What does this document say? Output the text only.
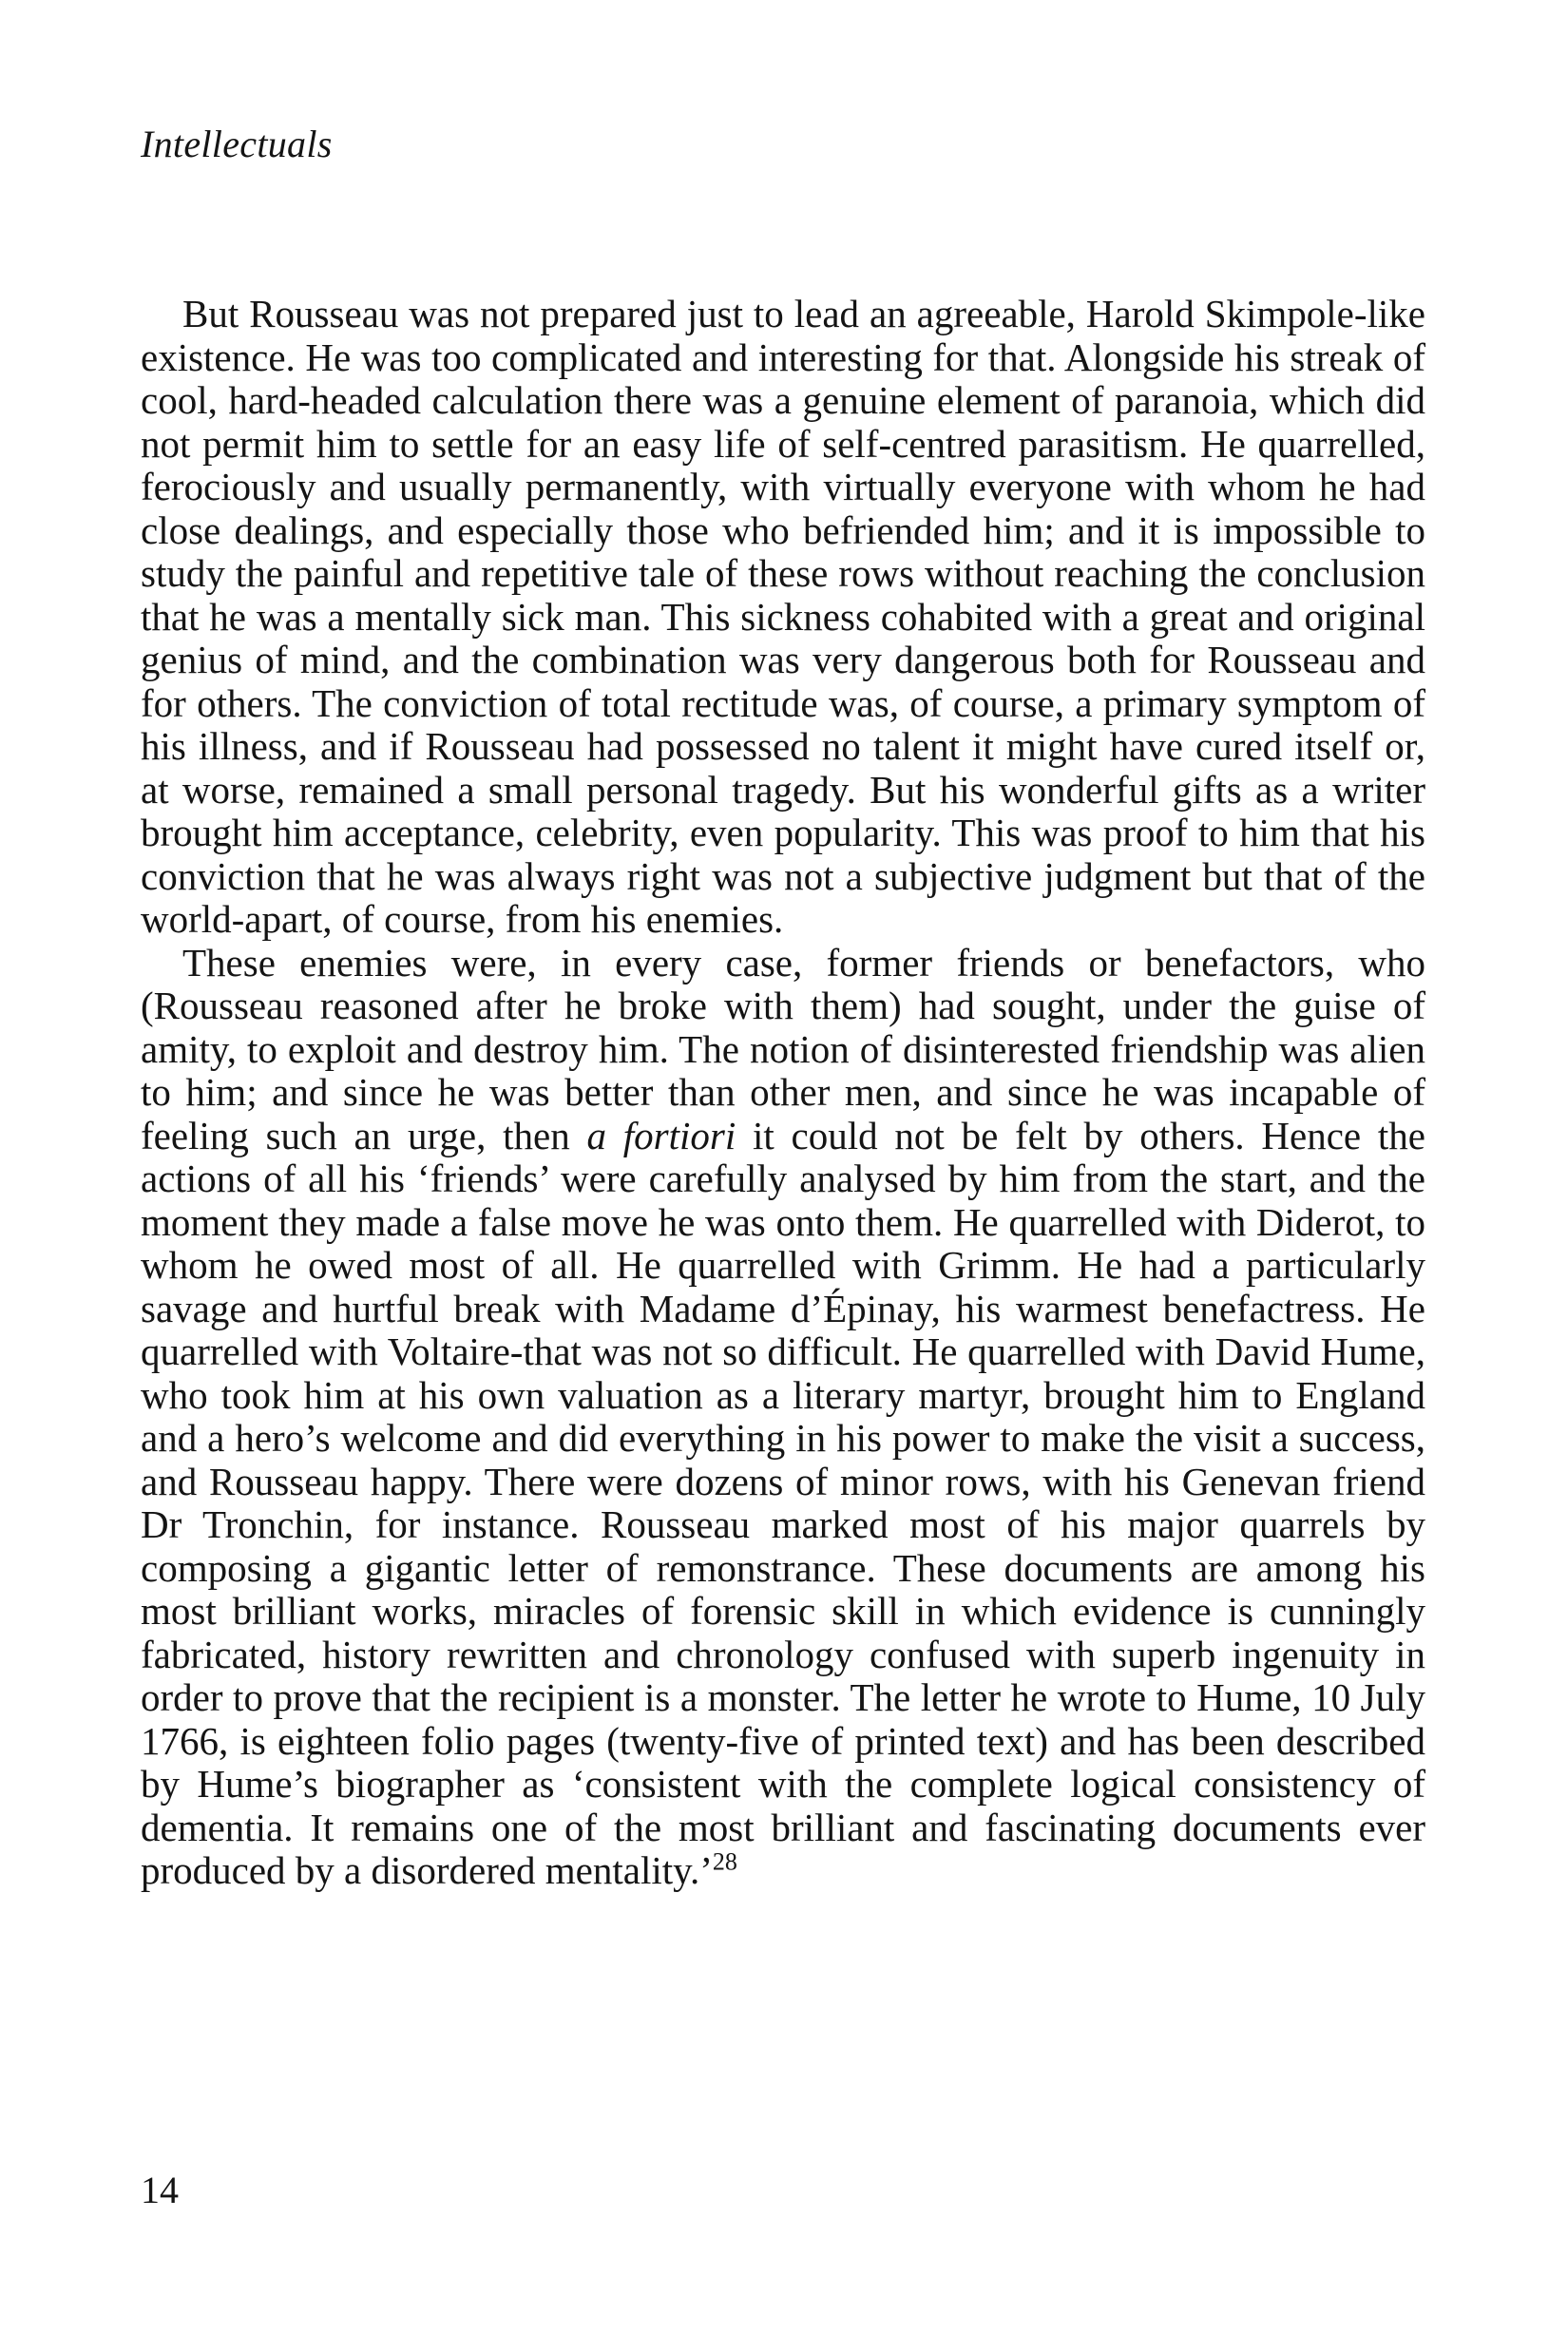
Intellectuals

But Rousseau was not prepared just to lead an agreeable, Harold Skimpole-like existence. He was too complicated and interesting for that. Alongside his streak of cool, hard-headed calculation there was a genuine element of paranoia, which did not permit him to settle for an easy life of self-centred parasitism. He quarrelled, ferociously and usually permanently, with virtually everyone with whom he had close dealings, and especially those who befriended him; and it is impossible to study the painful and repetitive tale of these rows without reaching the conclusion that he was a mentally sick man. This sickness cohabited with a great and original genius of mind, and the combination was very dangerous both for Rousseau and for others. The conviction of total rectitude was, of course, a primary symptom of his illness, and if Rousseau had possessed no talent it might have cured itself or, at worse, remained a small personal tragedy. But his wonderful gifts as a writer brought him acceptance, celebrity, even popularity. This was proof to him that his conviction that he was always right was not a subjective judgment but that of the world-apart, of course, from his enemies.

These enemies were, in every case, former friends or benefactors, who (Rousseau reasoned after he broke with them) had sought, under the guise of amity, to exploit and destroy him. The notion of disinterested friendship was alien to him; and since he was better than other men, and since he was incapable of feeling such an urge, then a fortiori it could not be felt by others. Hence the actions of all his ‘friends’ were carefully analysed by him from the start, and the moment they made a false move he was onto them. He quarrelled with Diderot, to whom he owed most of all. He quarrelled with Grimm. He had a particularly savage and hurtful break with Madame d’Épinay, his warmest benefactress. He quarrelled with Voltaire-that was not so difficult. He quarrelled with David Hume, who took him at his own valuation as a literary martyr, brought him to England and a hero’s welcome and did everything in his power to make the visit a success, and Rousseau happy. There were dozens of minor rows, with his Genevan friend Dr Tronchin, for instance. Rousseau marked most of his major quarrels by composing a gigantic letter of remonstrance. These documents are among his most brilliant works, miracles of forensic skill in which evidence is cunningly fabricated, history rewritten and chronology confused with superb ingenuity in order to prove that the recipient is a monster. The letter he wrote to Hume, 10 July 1766, is eighteen folio pages (twenty-five of printed text) and has been described by Hume’s biographer as ‘consistent with the complete logical consistency of dementia. It remains one of the most brilliant and fascinating documents ever produced by a disordered mentality.’$^{28}$

14
